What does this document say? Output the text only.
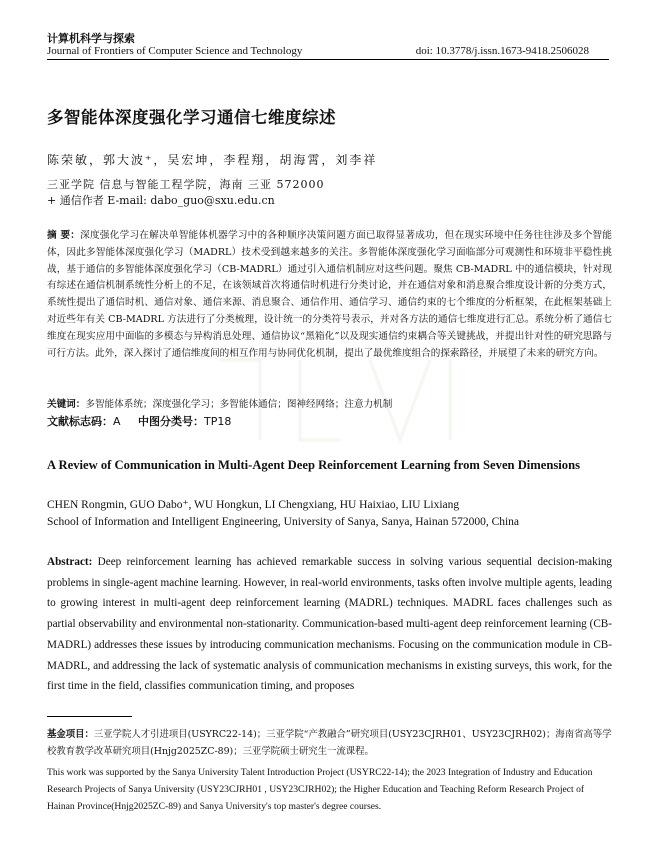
计算机科学与探索
Journal of Frontiers of Computer Science and Technology	doi: 10.3778/j.issn.1673-9418.2506028
多智能体深度强化学习通信七维度综述
陈荣敏，郭大波⁺，吴宏坤，李程翔，胡海霄，刘李祥
三亚学院 信息与智能工程学院，海南 三亚 572000
+ 通信作者 E-mail: dabo_guo@sxu.edu.cn
摘 要：深度强化学习在解决单智能体机器学习中的各种顺序决策问题方面已取得显著成功，但在现实环境中任务往往涉及多个智能体，因此多智能体深度强化学习（MADRL）技术受到越来越多的关注。多智能体深度强化学习面临部分可观测性和环境非平稳性挑战，基于通信的多智能体深度强化学习（CB-MADRL）通过引入通信机制应对这些问题。聚焦 CB-MADRL 中的通信模块，针对现有综述在通信机制系统性分析上的不足，在该领域首次将通信时机进行分类讨论，并在通信对象和消息聚合维度设计新的分类方式，系统性提出了通信时机、通信对象、通信来源、消息聚合、通信作用、通信学习、通信约束的七个维度的分析框架，在此框架基础上对近些年有关 CB-MADRL 方法进行了分类梳理，设计统一的分类符号表示，并对各方法的通信七维度进行汇总。系统分析了通信七维度在现实应用中面临的多模态与异构消息处理、通信协议“黑箱化”以及现实通信约束耦合等关键挑战，并提出针对性的研究思路与可行方法。此外，深入探讨了通信维度间的相互作用与协同优化机制，提出了最优维度组合的探索路径，并展望了未来的研究方向。
关键词：多智能体系统；深度强化学习；多智能体通信；图神经网络；注意力机制
文献标志码：A 中图分类号：TP18
A Review of Communication in Multi-Agent Deep Reinforcement Learning from Seven Dimensions
CHEN Rongmin, GUO Dabo⁺, WU Hongkun, LI Chengxiang, HU Haixiao, LIU Lixiang
School of Information and Intelligent Engineering, University of Sanya, Sanya, Hainan 572000, China
Abstract: Deep reinforcement learning has achieved remarkable success in solving various sequential decision-making problems in single-agent machine learning. However, in real-world environments, tasks often involve multiple agents, leading to growing interest in multi-agent deep reinforcement learning (MADRL) techniques. MADRL faces challenges such as partial observability and environmental non-stationarity. Communication-based multi-agent deep reinforcement learning (CB-MADRL) addresses these issues by introducing communication mechanisms. Focusing on the communication module in CB-MADRL, and addressing the lack of systematic analysis of communication mechanisms in existing surveys, this work, for the first time in the field, classifies communication timing, and proposes
基金项目：三亚学院人才引进项目(USYRC22-14)；三亚学院“产教融合”研究项目(USY23CJRH01、USY23CJRH02)；海南省高等学校教育教学改革研究项目(Hnjg2025ZC-89)；三亚学院硕士研究生一流课程。
This work was supported by the Sanya University Talent Introduction Project (USYRC22-14); the 2023 Integration of Industry and Education Research Projects of Sanya University (USY23CJRH01 , USY23CJRH02); the Higher Education and Teaching Reform Research Project of Hainan Province(Hnjg2025ZC-89) and Sanya University's top master's degree courses.
